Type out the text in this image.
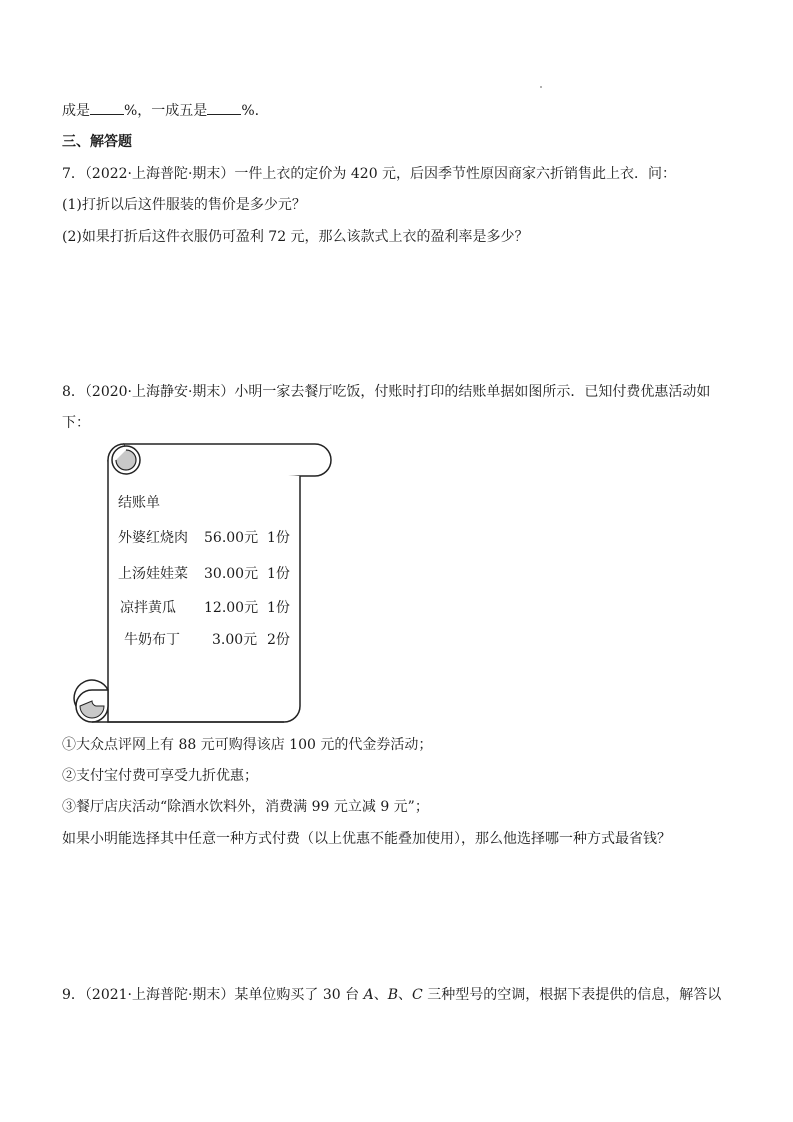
成是 %，一成五是 %.
三、解答题
7．（2022·上海普陀·期末）一件上衣的定价为 420 元，后因季节性原因商家六折销售此上衣．问：
(1)打折以后这件服装的售价是多少元？
(2)如果打折后这件衣服仍可盈利 72 元，那么该款式上衣的盈利率是多少？
8．（2020·上海静安·期末）小明一家去餐厅吃饭，付账时打印的结账单据如图所示．已知付费优惠活动如
下：
结账单
外婆红烧肉 56.00元 1份
上汤娃娃菜 30.00元 1份
凉拌黄瓜 12.00元 1份
牛奶布丁 3.00元 2份
①大众点评网上有 88 元可购得该店 100 元的代金券活动；
②支付宝付费可享受九折优惠；
③餐厅店庆活动“除酒水饮料外，消费满 99 元立减 9 元”；
如果小明能选择其中任意一种方式付费（以上优惠不能叠加使用），那么他选择哪一种方式最省钱？
9．（2021·上海普陀·期末）某单位购买了 30 台 A、B、C 三种型号的空调，根据下表提供的信息，解答以
